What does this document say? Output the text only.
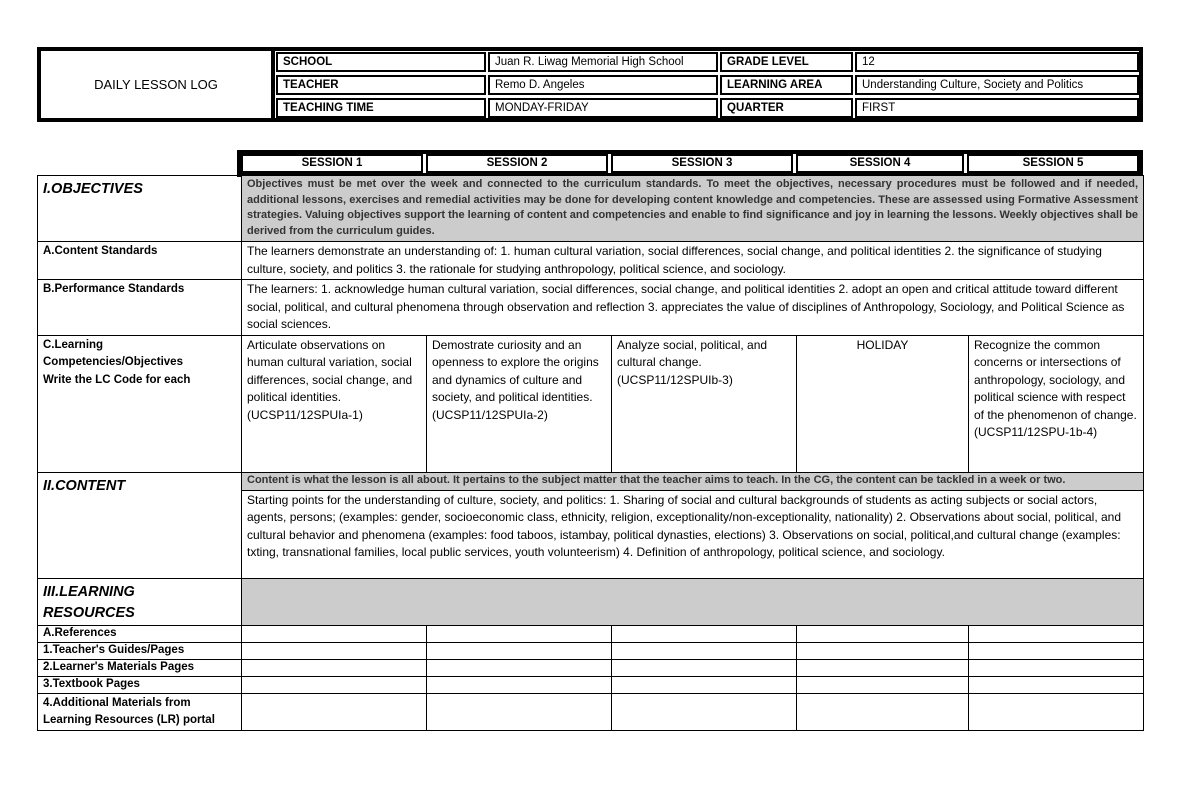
DAILY LESSON LOG
SCHOOL	Juan R. Liwag Memorial High School	GRADE LEVEL	12
TEACHER	Remo D. Angeles	LEARNING AREA	Understanding Culture, Society and Politics
TEACHING TIME	MONDAY-FRIDAY	QUARTER	FIRST
SESSION 1	SESSION 2	SESSION 3	SESSION 4	SESSION 5
I.OBJECTIVES	Objectives must be met over the week and connected to the curriculum standards. To meet the objectives, necessary procedures must be followed and if needed, additional lessons, exercises and remedial activities may be done for developing content knowledge and competencies. These are assessed using Formative Assessment strategies. Valuing objectives support the learning of content and competencies and enable to find significance and joy in learning the lessons. Weekly objectives shall be derived from the curriculum guides.				
A.Content Standards	The learners demonstrate an understanding of: 1. human cultural variation, social differences, social change, and political identities 2. the significance of studying culture, society, and politics 3. the rationale for studying anthropology, political science, and sociology.				
B.Performance Standards	The learners: 1. acknowledge human cultural variation, social differences, social change, and political identities 2. adopt an open and critical attitude toward different social, political, and cultural phenomena through observation and reflection 3. appreciates the value of disciplines of Anthropology, Sociology, and Political Science as social sciences.				
C.Learning
Competencies/Objectives
Write the LC Code for each	Articulate observations on human cultural variation, social differences, social change, and political identities. (UCSP11/12SPUIa-1)	Demostrate curiosity and an openness to explore the origins and dynamics of culture and society, and political identities. (UCSP11/12SPUIa-2)	Analyze social, political, and cultural change. (UCSP11/12SPUIb-3)	HOLIDAY	Recognize the common concerns or intersections of anthropology, sociology, and political science with respect of the phenomenon of change.(UCSP11/12SPU-1b-4)
II.CONTENT	Content is what the lesson is all about. It pertains to the subject matter that the teacher aims to teach. In the CG, the content can be tackled in a week or two.				
	Starting points for the understanding of culture, society, and politics: 1. Sharing of social and cultural backgrounds of students as acting subjects or social actors, agents, persons; (examples: gender, socioeconomic class, ethnicity, religion, exceptionality/non-exceptionality, nationality) 2. Observations about social, political, and cultural behavior and phenomena (examples: food taboos, istambay, political dynasties, elections) 3. Observations on social, political,and cultural change (examples: txting, transnational families, local public services, youth volunteerism) 4. Definition of anthropology, political science, and sociology.				
III.LEARNING
RESOURCES					
A.References					
1.Teacher's Guides/Pages					
2.Learner's Materials Pages					
3.Textbook Pages					
4.Additional Materials from
Learning Resources (LR) portal					
